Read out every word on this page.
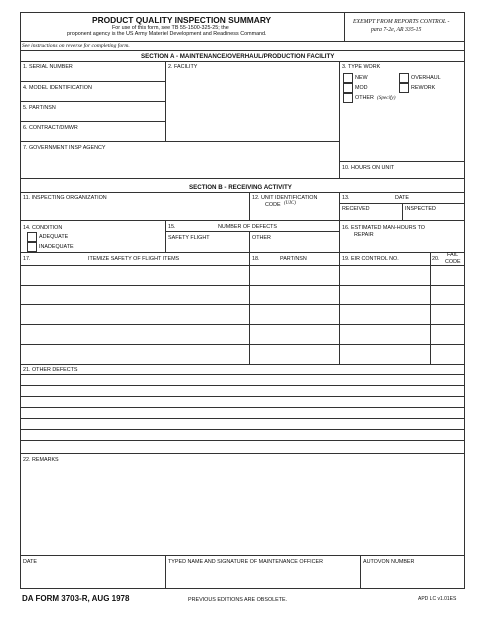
PRODUCT QUALITY INSPECTION SUMMARY
For use of this form, see TB 55-1500-325-25; the
proponent agency is the US Army Materiel Development and Readiness Command.
EXEMPT FROM REPORTS CONTROL -
para 7-2e, AR 335-15
See instructions on reverse for completing form.
SECTION A - MAINTENANCE/OVERHAUL/PRODUCTION FACILITY
1. SERIAL NUMBER	2. FACILITY	3. TYPE WORK
NEW	OVERHAUL
MOD	REWORK
OTHER (Specify)
4. MODEL IDENTIFICATION
5. PART/NSN
6. CONTRACT/DMWR
7. GOVERNMENT INSP AGENCY
10. HOURS ON UNIT
SECTION B - RECEIVING ACTIVITY
11. INSPECTING ORGANIZATION	12. UNIT IDENTIFICATION
CODE (UIC)
13.	DATE
RECEIVED	INSPECTED
14. CONDITION
ADEQUATE
INADEQUATE
15.	NUMBER OF DEFECTS
SAFETY FLIGHT	OTHER
16. ESTIMATED MAN-HOURS TO
REPAIR
17.	ITEMIZE SAFETY OF FLIGHT ITEMS	18.	PART/NSN	19. EIR CONTROL NO.	20.
FAIL
CODE
21. OTHER DEFECTS
22. REMARKS
DATE	TYPED NAME AND SIGNATURE OF MAINTENANCE OFFICER	AUTOVON NUMBER
DA FORM 3703-R, AUG 1978	PREVIOUS EDITIONS ARE OBSOLETE.	APD LC v1.01ES
